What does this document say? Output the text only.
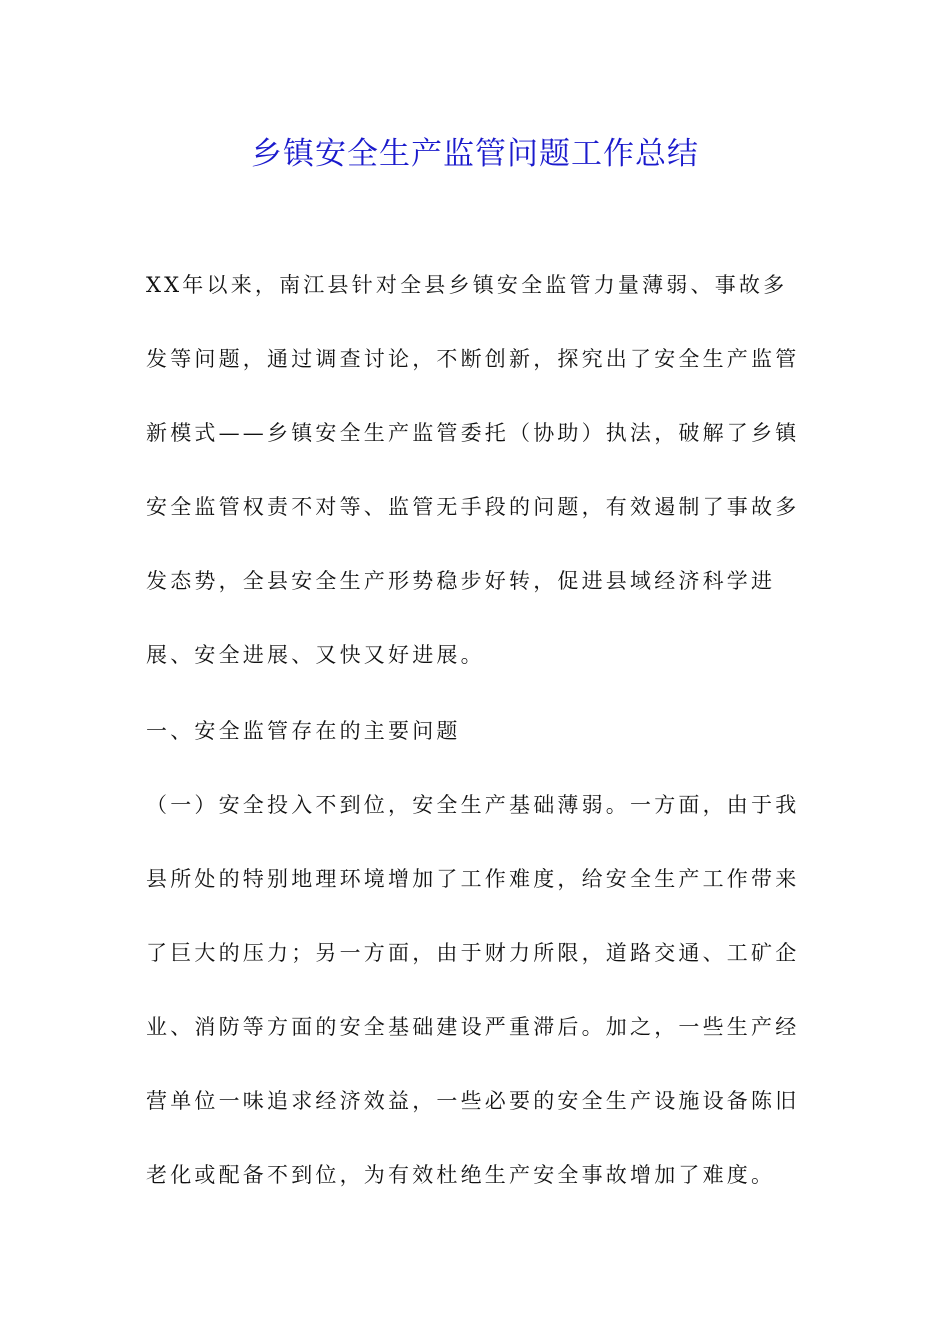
乡镇安全生产监管问题工作总结

XX年以来，南江县针对全县乡镇安全监管力量薄弱、事故多发等问题，通过调查讨论，不断创新，探究出了安全生产监管新模式——乡镇安全生产监管委托（协助）执法，破解了乡镇安全监管权责不对等、监管无手段的问题，有效遏制了事故多发态势，全县安全生产形势稳步好转，促进县域经济科学进展、安全进展、又快又好进展。

一、安全监管存在的主要问题

（一）安全投入不到位，安全生产基础薄弱。一方面，由于我县所处的特别地理环境增加了工作难度，给安全生产工作带来了巨大的压力；另一方面，由于财力所限，道路交通、工矿企业、消防等方面的安全基础建设严重滞后。加之，一些生产经营单位一味追求经济效益，一些必要的安全生产设施设备陈旧老化或配备不到位，为有效杜绝生产安全事故增加了难度。
